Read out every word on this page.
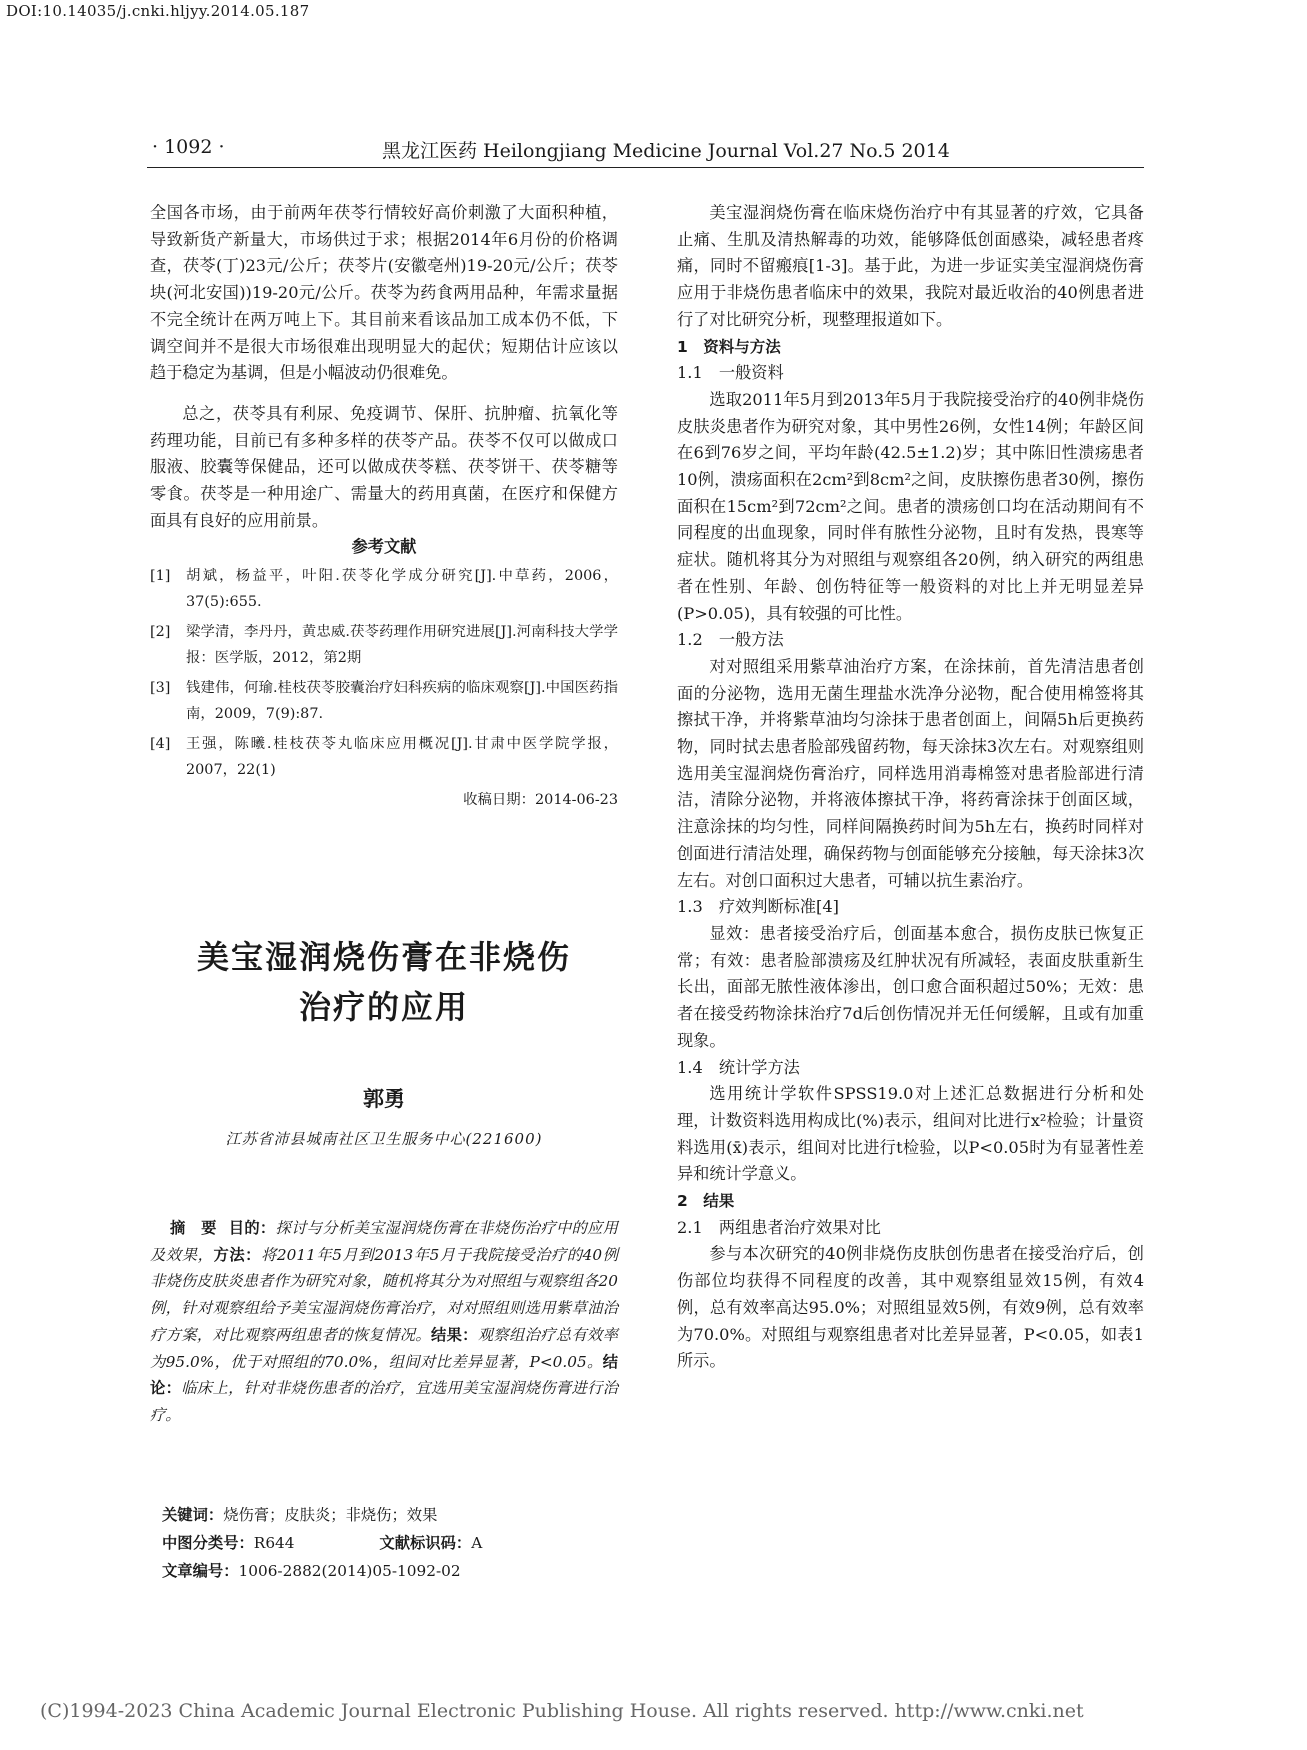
DOI:10.14035/j.cnki.hljyy.2014.05.187
· 1092 ·	黑龙江医药 Heilongjiang Medicine Journal Vol.27 No.5 2014

全国各市场，由于前两年茯苓行情较好高价刺激了大面积种植，导致新货产新量大，市场供过于求；根据2014年6月份的价格调查，茯苓(丁)23元/公斤；茯苓片(安徽亳州)19-20元/公斤；茯苓块(河北安国))19-20元/公斤。茯苓为药食两用品种，年需求量据不完全统计在两万吨上下。其目前来看该品加工成本仍不低，下调空间并不是很大市场很难出现明显大的起伏；短期估计应该以趋于稳定为基调，但是小幅波动仍很难免。

总之，茯苓具有利尿、免疫调节、保肝、抗肿瘤、抗氧化等药理功能，目前已有多种多样的茯苓产品。茯苓不仅可以做成口服液、胶囊等保健品，还可以做成茯苓糕、茯苓饼干、茯苓糖等零食。茯苓是一种用途广、需量大的药用真菌，在医疗和保健方面具有良好的应用前景。

参考文献

[1]	胡斌，杨益平，叶阳.茯苓化学成分研究[J].中草药，2006，37(5):655.
[2]	梁学清，李丹丹，黄忠威.茯苓药理作用研究进展[J].河南科技大学学报：医学版，2012，第2期
[3]	钱建伟，何瑜.桂枝茯苓胶囊治疗妇科疾病的临床观察[J].中国医药指南，2009，7(9):87.
[4]	王强，陈曦.桂枝茯苓丸临床应用概况[J].甘肃中医学院学报，2007，22(1)

收稿日期：2014-06-23

美宝湿润烧伤膏在非烧伤
治疗的应用
郭勇
江苏省沛县城南社区卫生服务中心(221600)

摘　要 目的：探讨与分析美宝湿润烧伤膏在非烧伤治疗中的应用及效果，方法：将2011年5月到2013年5月于我院接受治疗的40例非烧伤皮肤炎患者作为研究对象，随机将其分为对照组与观察组各20例，针对观察组给予美宝湿润烧伤膏治疗，对对照组则选用紫草油治疗方案，对比观察两组患者的恢复情况。结果：观察组治疗总有效率为95.0%，优于对照组的70.0%，组间对比差异显著，P<0.05。结论：临床上，针对非烧伤患者的治疗，宜选用美宝湿润烧伤膏进行治疗。

关键词：烧伤膏；皮肤炎；非烧伤；效果
中图分类号：R644	文献标识码：A
文章编号：1006-2882(2014)05-1092-02

美宝湿润烧伤膏在临床烧伤治疗中有其显著的疗效，它具备止痛、生肌及清热解毒的功效，能够降低创面感染，减轻患者疼痛，同时不留瘢痕[1-3]。基于此，为进一步证实美宝湿润烧伤膏应用于非烧伤患者临床中的效果，我院对最近收治的40例患者进行了对比研究分析，现整理报道如下。

1　资料与方法

1.1　一般资料

选取2011年5月到2013年5月于我院接受治疗的40例非烧伤皮肤炎患者作为研究对象，其中男性26例，女性14例；年龄区间在6到76岁之间，平均年龄(42.5±1.2)岁；其中陈旧性溃疡患者10例，溃疡面积在2cm²到8cm²之间，皮肤擦伤患者30例，擦伤面积在15cm²到72cm²之间。患者的溃疡创口均在活动期间有不同程度的出血现象，同时伴有脓性分泌物，且时有发热，畏寒等症状。随机将其分为对照组与观察组各20例，纳入研究的两组患者在性别、年龄、创伤特征等一般资料的对比上并无明显差异(P>0.05)，具有较强的可比性。

1.2　一般方法

对对照组采用紫草油治疗方案，在涂抹前，首先清洁患者创面的分泌物，选用无菌生理盐水洗净分泌物，配合使用棉签将其擦拭干净，并将紫草油均匀涂抹于患者创面上，间隔5h后更换药物，同时拭去患者脸部残留药物，每天涂抹3次左右。对观察组则选用美宝湿润烧伤膏治疗，同样选用消毒棉签对患者脸部进行清洁，清除分泌物，并将液体擦拭干净，将药膏涂抹于创面区域，注意涂抹的均匀性，同样间隔换药时间为5h左右，换药时同样对创面进行清洁处理，确保药物与创面能够充分接触，每天涂抹3次左右。对创口面积过大患者，可辅以抗生素治疗。

1.3　疗效判断标准[4]

显效：患者接受治疗后，创面基本愈合，损伤皮肤已恢复正常；有效：患者脸部溃疡及红肿状况有所减轻，表面皮肤重新生长出，面部无脓性液体渗出，创口愈合面积超过50%；无效：患者在接受药物涂抹治疗7d后创伤情况并无任何缓解，且或有加重现象。

1.4　统计学方法

选用统计学软件SPSS19.0对上述汇总数据进行分析和处理，计数资料选用构成比(%)表示，组间对比进行x²检验；计量资料选用(x̄)表示，组间对比进行t检验，以P<0.05时为有显著性差异和统计学意义。

2　结果

2.1　两组患者治疗效果对比

参与本次研究的40例非烧伤皮肤创伤患者在接受治疗后，创伤部位均获得不同程度的改善，其中观察组显效15例，有效4例，总有效率高达95.0%；对照组显效5例，有效9例，总有效率为70.0%。对照组与观察组患者对比差异显著，P<0.05，如表1所示。

(C)1994-2023 China Academic Journal Electronic Publishing House. All rights reserved. http://www.cnki.net
